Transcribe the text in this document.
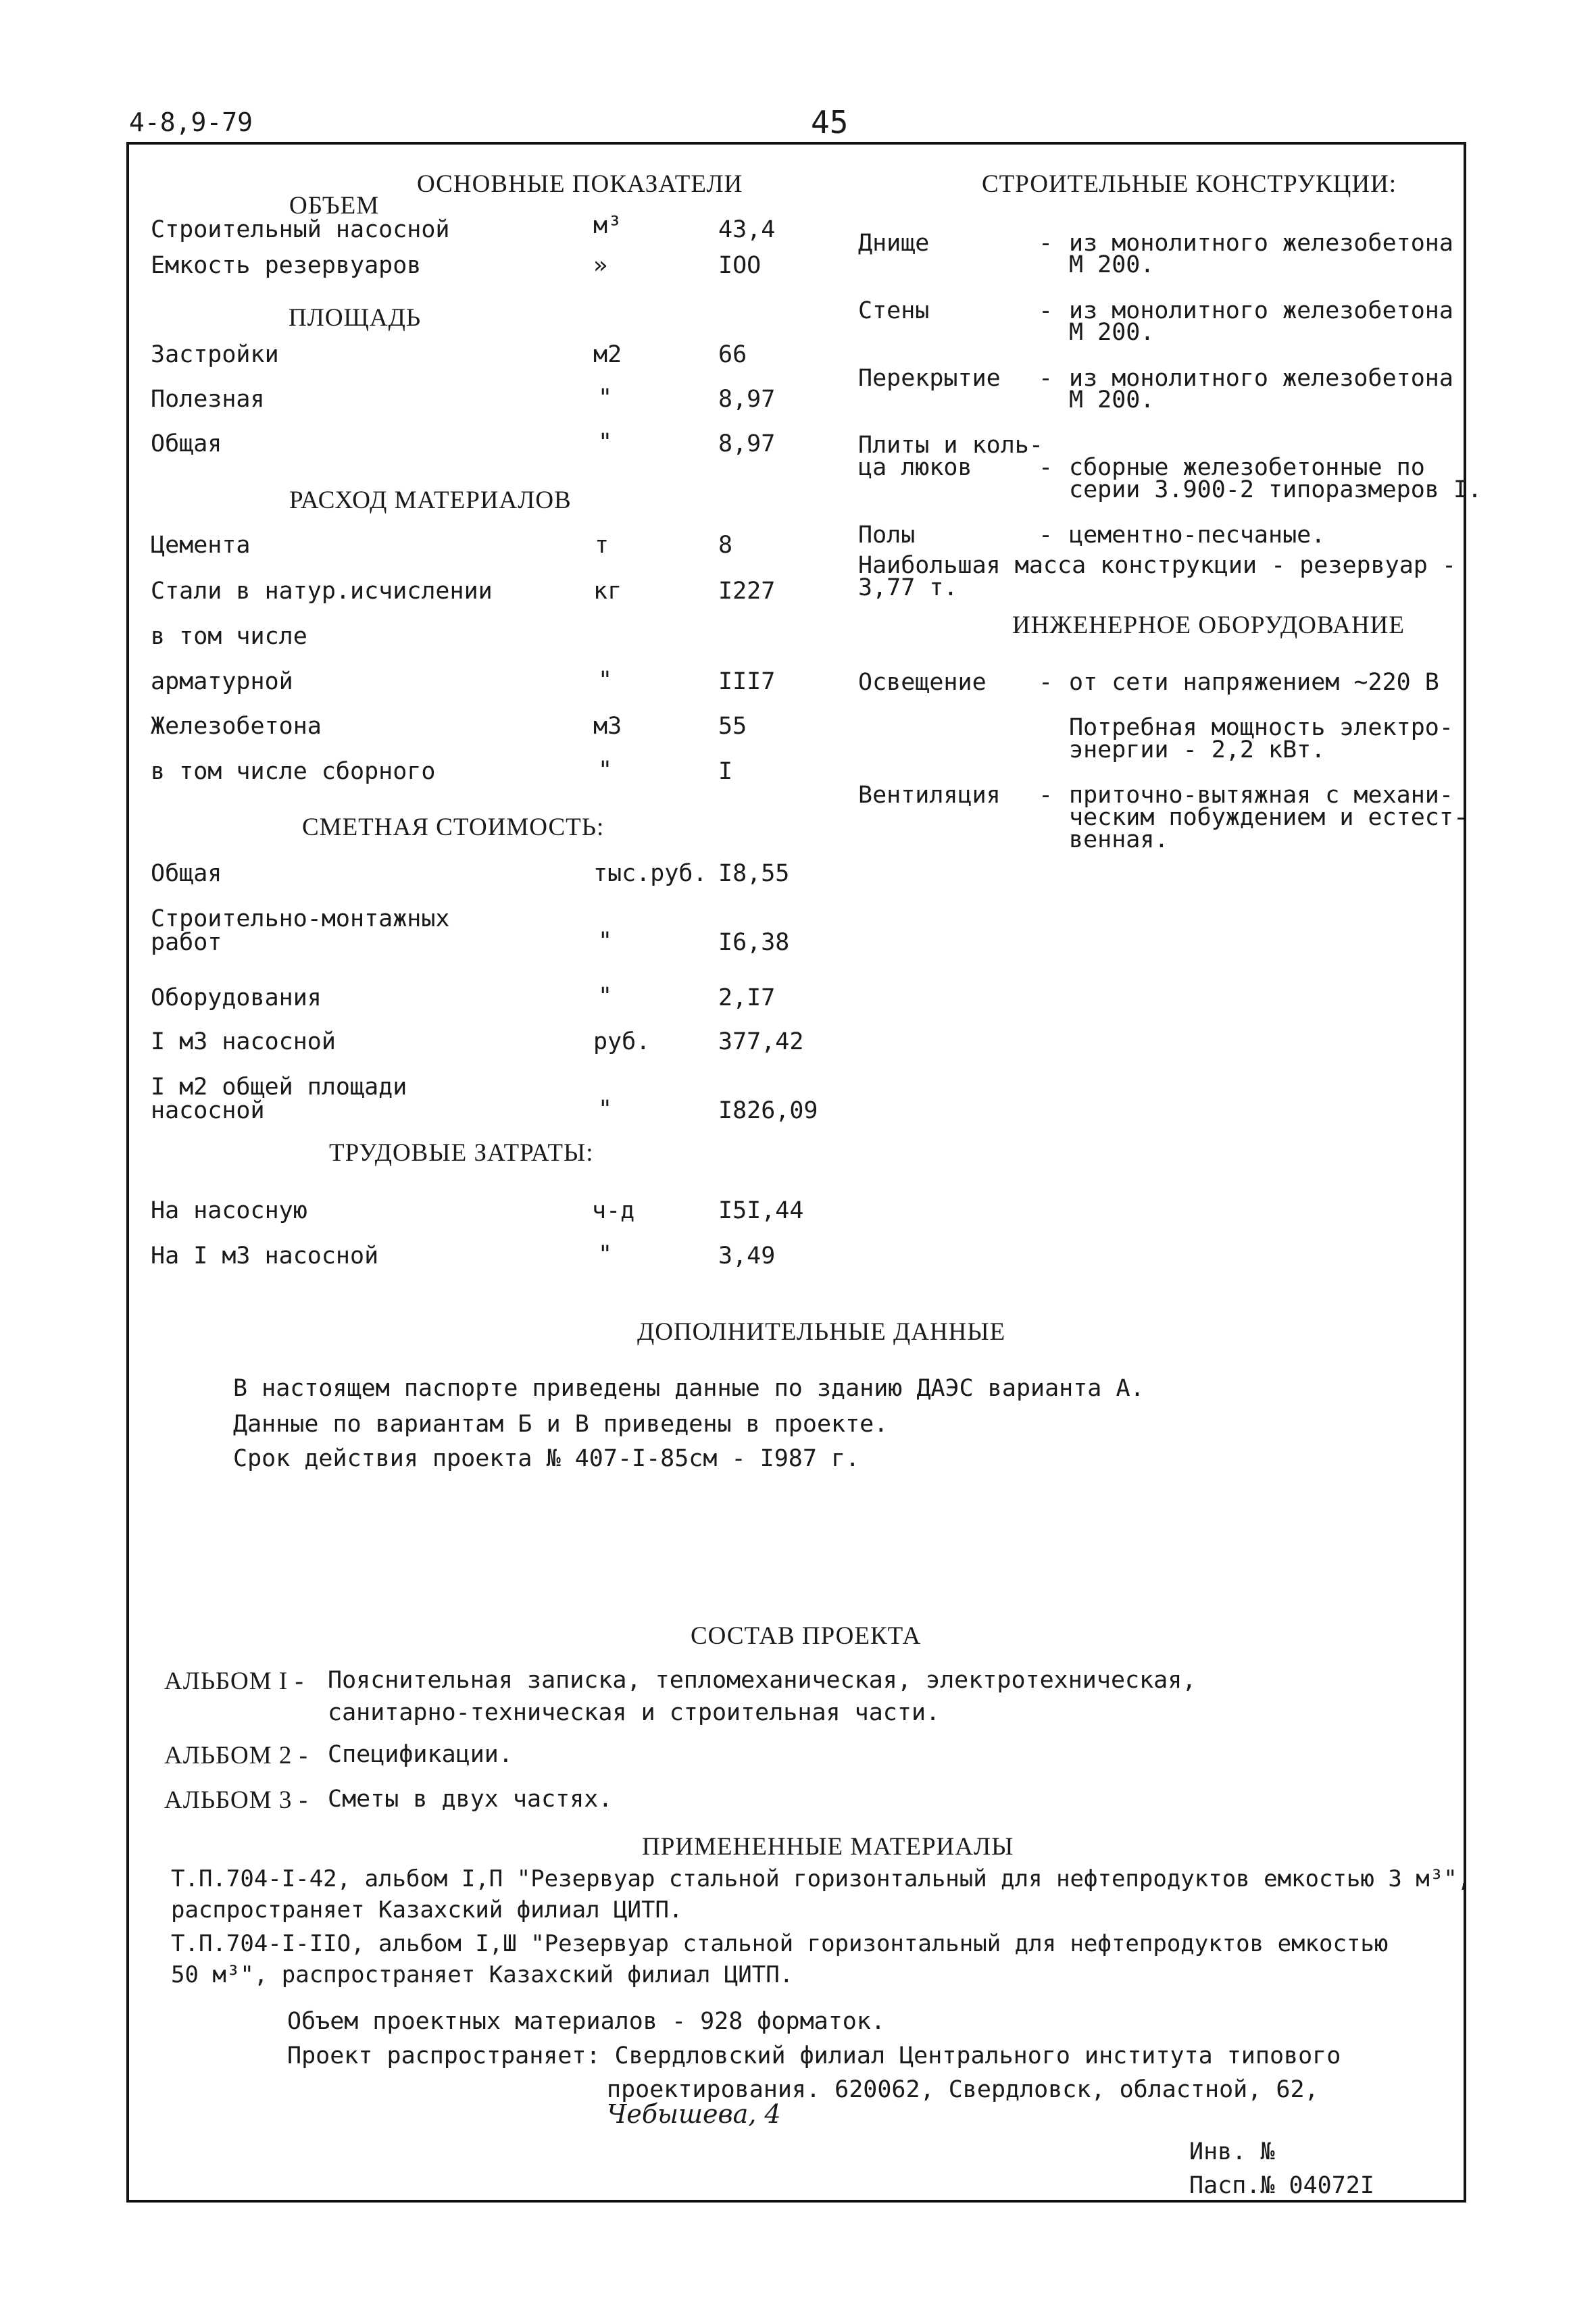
4-8,9-79	45
ОСНОВНЫЕ ПОКАЗАТЕЛИ
ОБЪЕМ
Строительный насосной	м³	43,4
Емкость резервуаров	»	IOO
ПЛОЩАДЬ
Застройки	м2	66
Полезная	"	8,97
Общая	"	8,97
РАСХОД МАТЕРИАЛОВ
Цемента	т	8
Стали в натур.исчислении	кг	I227
в том числе
арматурной	"	III7
Железобетона	м3	55
в том числе сборного	"	I
СМЕТНАЯ СТОИМОСТЬ:
Общая	тыс.руб. I8,55
Строительно-монтажных
работ	"	I6,38
Оборудования	"	2,I7
I м3 насосной	руб.	377,42
I м2 общей площади
насосной	"	I826,09
ТРУДОВЫЕ ЗАТРАТЫ:
На насосную	ч-д	I5I,44
На I м3 насосной	"	3,49
СТРОИТЕЛЬНЫЕ КОНСТРУКЦИИ:
Днище	- из монолитного железобетона
М 200.
Стены	- из монолитного железобетона
М 200.
Перекрытие - из монолитного железобетона
М 200.
Плиты и коль-
ца люков	- сборные железобетонные по
серии 3.900-2 типоразмеров I.
Полы	- цементно-песчаные.
Наибольшая масса конструкции - резервуар -
3,77 т.
ИНЖЕНЕРНОЕ ОБОРУДОВАНИЕ
Освещение - от сети напряжением ~220 В
Потребная мощность электро-
энергии - 2,2 кВт.
Вентиляция - приточно-вытяжная с механи-
ческим побуждением и естест-
венная.
ДОПОЛНИТЕЛЬНЫЕ ДАННЫЕ
В настоящем паспорте приведены данные по зданию ДАЭС варианта А.
Данные по вариантам Б и В приведены в проекте.
Срок действия проекта № 407-I-85см - I987 г.
СОСТАВ ПРОЕКТА
АЛЬБОМ I - Пояснительная записка, тепломеханическая, электротехническая,
санитарно-техническая и строительная части.
АЛЬБОМ 2 - Спецификации.
АЛЬБОМ 3 - Сметы в двух частях.
ПРИМЕНЕННЫЕ МАТЕРИАЛЫ
Т.П.704-I-42, альбом I,П "Резервуар стальной горизонтальный для нефтепродуктов емкостью 3 м³",
распространяет Казахский филиал ЦИТП.
Т.П.704-I-IIO, альбом I,Ш "Резервуар стальной горизонтальный для нефтепродуктов емкостью
50 м³", распространяет Казахский филиал ЦИТП.
Объем проектных материалов - 928 форматок.
Проект распространяет: Свердловский филиал Центрального института типового
проектирования. 620062, Свердловск, областной, 62,
Чебышева, 4
Инв. №
Пасп.№ 04072I
